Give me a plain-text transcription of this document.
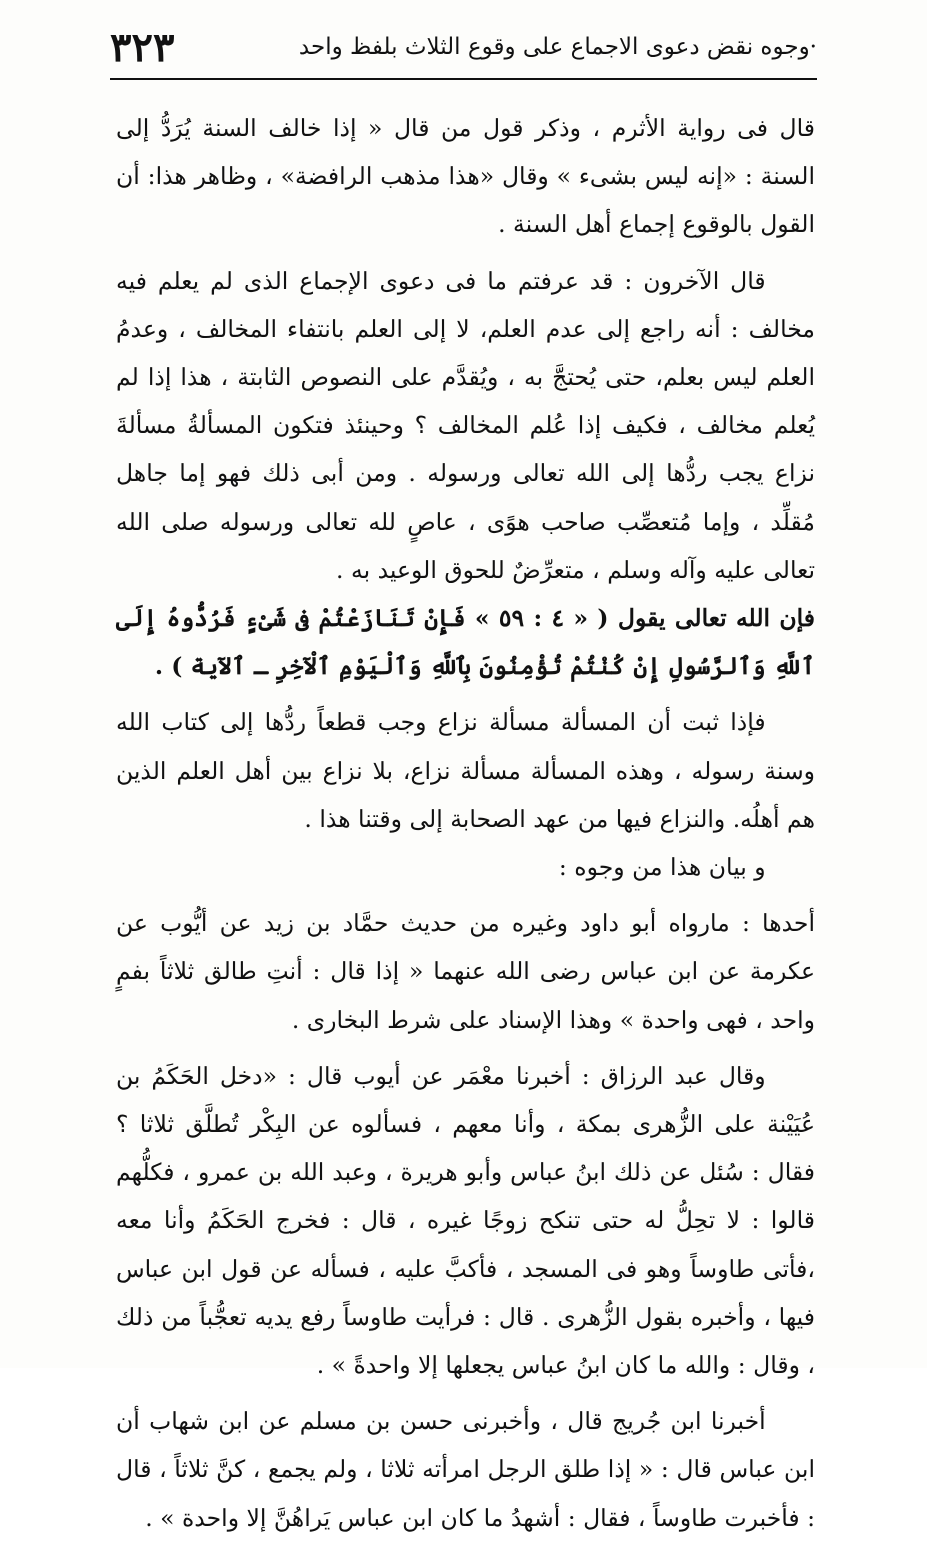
٣٢٣	·وجوه نقض دعوى الاجماع على وقوع الثلاث بلفظ واحد

قال فى رواية الأثرم ، وذكر قول من قال « إذا خالف السنة يُرَدُّ إلى السنة : «إنه ليس بشىء » وقال «هذا مذهب الرافضة» ، وظاهر هذا: أن القول بالوقوع إجماع أهل السنة .

قال الآخرون : قد عرفتم ما فى دعوى الإجماع الذى لم يعلم فيه مخالف : أنه راجع إلى عدم العلم، لا إلى العلم بانتفاء المخالف ، وعدمُ العلم ليس بعلم، حتى يُحتجَّ به ، ويُقدَّم على النصوص الثابتة ، هذا إذا لم يُعلم مخالف ، فكيف إذا عُلم المخالف ؟ وحينئذ فتكون المسألةُ مسألةَ نزاع يجب ردُّها إلى الله تعالى ورسوله . ومن أبى ذلك فهو إما جاهل مُقلِّد ، وإما مُتعصِّب صاحب هوًى ، عاصٍ لله تعالى ورسوله صلى الله تعالى عليه وآله وسلم ، متعرِّضٌ للحوق الوعيد به .

فإن الله تعالى يقول ( « ٤ : ٥٩ » فَإِنْ تَنَازَعْتُمْ فى شَىْءٍ فَرُدُّوهُ إِلَى ٱللَّهِ وَٱلرَّسُولِ إِنْ كُنْتُمْ تُؤْمِنُونَ بِٱللَّهِ وَٱلْيَوْمِ ٱلْآخِرِ ـ ٱلآية ) .

فإذا ثبت أن المسألة مسألة نزاع وجب قطعاً ردُّها إلى كتاب الله وسنة رسوله ، وهذه المسألة مسألة نزاع، بلا نزاع بين أهل العلم الذين هم أهلُه. والنزاع فيها من عهد الصحابة إلى وقتنا هذا .

و بيان هذا من وجوه :

أحدها : مارواه أبو داود وغيره من حديث حمَّاد بن زيد عن أيُّوب عن عكرمة عن ابن عباس رضى الله عنهما « إذا قال : أنتِ طالق ثلاثاً بفمٍ واحد ، فهى واحدة » وهذا الإسناد على شرط البخارى .

وقال عبد الرزاق : أخبرنا معْمَر عن أيوب قال : «دخل الحَكَمُ بن عُيَيْنة على الزُّهرى بمكة ، وأنا معهم ، فسألوه عن البِكْر تُطلَّق ثلاثا ؟ فقال : سُئل عن ذلك ابنُ عباس وأبو هريرة ، وعبد الله بن عمرو ، فكلُّهم قالوا : لا تحِلُّ له حتى تنكح زوجًا غيره ، قال : فخرج الحَكَمُ وأنا معه ،فأتى طاوساً وهو فى المسجد ، فأكبَّ عليه ، فسأله عن قول ابن عباس فيها ، وأخبره بقول الزُّهرى . قال : فرأيت طاوساً رفع يديه تعجُّباً من ذلك ، وقال : والله ما كان ابنُ عباس يجعلها إلا واحدةً » .

أخبرنا ابن جُريج قال ، وأخبرنى حسن بن مسلم عن ابن شهاب أن ابن عباس قال : « إذا طلق الرجل امرأته ثلاثا ، ولم يجمع ، كنَّ ثلاثاً ، قال : فأخبرت طاوساً ، فقال : أشهدُ ما كان ابن عباس يَراهُنَّ إلا واحدة » .
